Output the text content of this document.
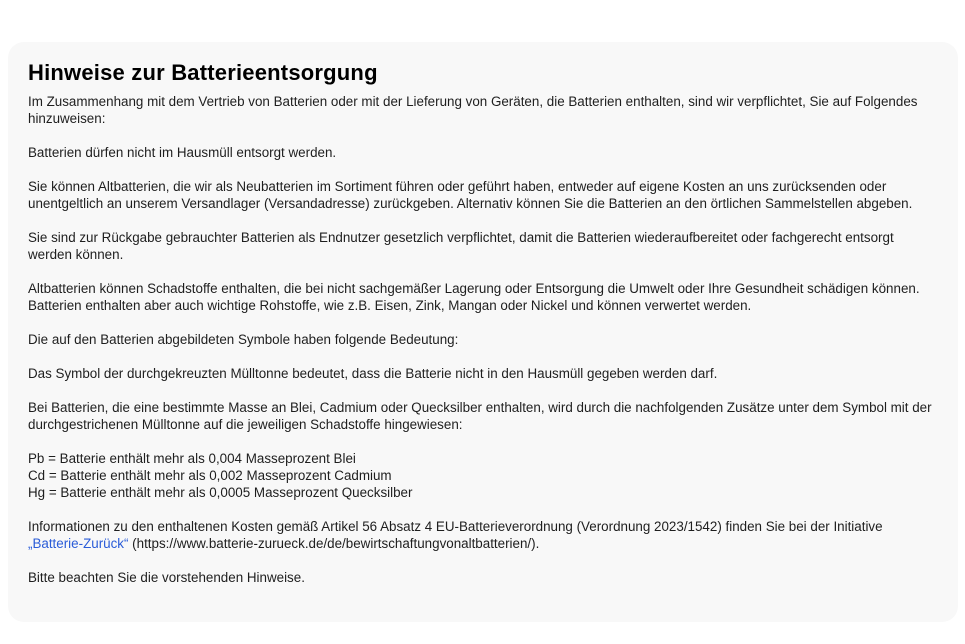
Hinweise zur Batterieentsorgung

Im Zusammenhang mit dem Vertrieb von Batterien oder mit der Lieferung von Geräten, die Batterien enthalten, sind wir verpflichtet, Sie auf Folgendes hinzuweisen:

Batterien dürfen nicht im Hausmüll entsorgt werden.

Sie können Altbatterien, die wir als Neubatterien im Sortiment führen oder geführt haben, entweder auf eigene Kosten an uns zurücksenden oder unentgeltlich an unserem Versandlager (Versandadresse) zurückgeben. Alternativ können Sie die Batterien an den örtlichen Sammelstellen abgeben.

Sie sind zur Rückgabe gebrauchter Batterien als Endnutzer gesetzlich verpflichtet, damit die Batterien wiederaufbereitet oder fachgerecht entsorgt werden können.

Altbatterien können Schadstoffe enthalten, die bei nicht sachgemäßer Lagerung oder Entsorgung die Umwelt oder Ihre Gesundheit schädigen können. Batterien enthalten aber auch wichtige Rohstoffe, wie z.B. Eisen, Zink, Mangan oder Nickel und können verwertet werden.

Die auf den Batterien abgebildeten Symbole haben folgende Bedeutung:

Das Symbol der durchgekreuzten Mülltonne bedeutet, dass die Batterie nicht in den Hausmüll gegeben werden darf.

Bei Batterien, die eine bestimmte Masse an Blei, Cadmium oder Quecksilber enthalten, wird durch die nachfolgenden Zusätze unter dem Symbol mit der durchgestrichenen Mülltonne auf die jeweiligen Schadstoffe hingewiesen:

Pb = Batterie enthält mehr als 0,004 Masseprozent Blei

Cd = Batterie enthält mehr als 0,002 Masseprozent Cadmium

Hg = Batterie enthält mehr als 0,0005 Masseprozent Quecksilber

Informationen zu den enthaltenen Kosten gemäß Artikel 56 Absatz 4 EU-Batterieverordnung (Verordnung 2023/1542) finden Sie bei der Initiative „Batterie-Zurück“ (https://www.batterie-zurueck.de/de/bewirtschaftungvonaltbatterien/).

Bitte beachten Sie die vorstehenden Hinweise.
